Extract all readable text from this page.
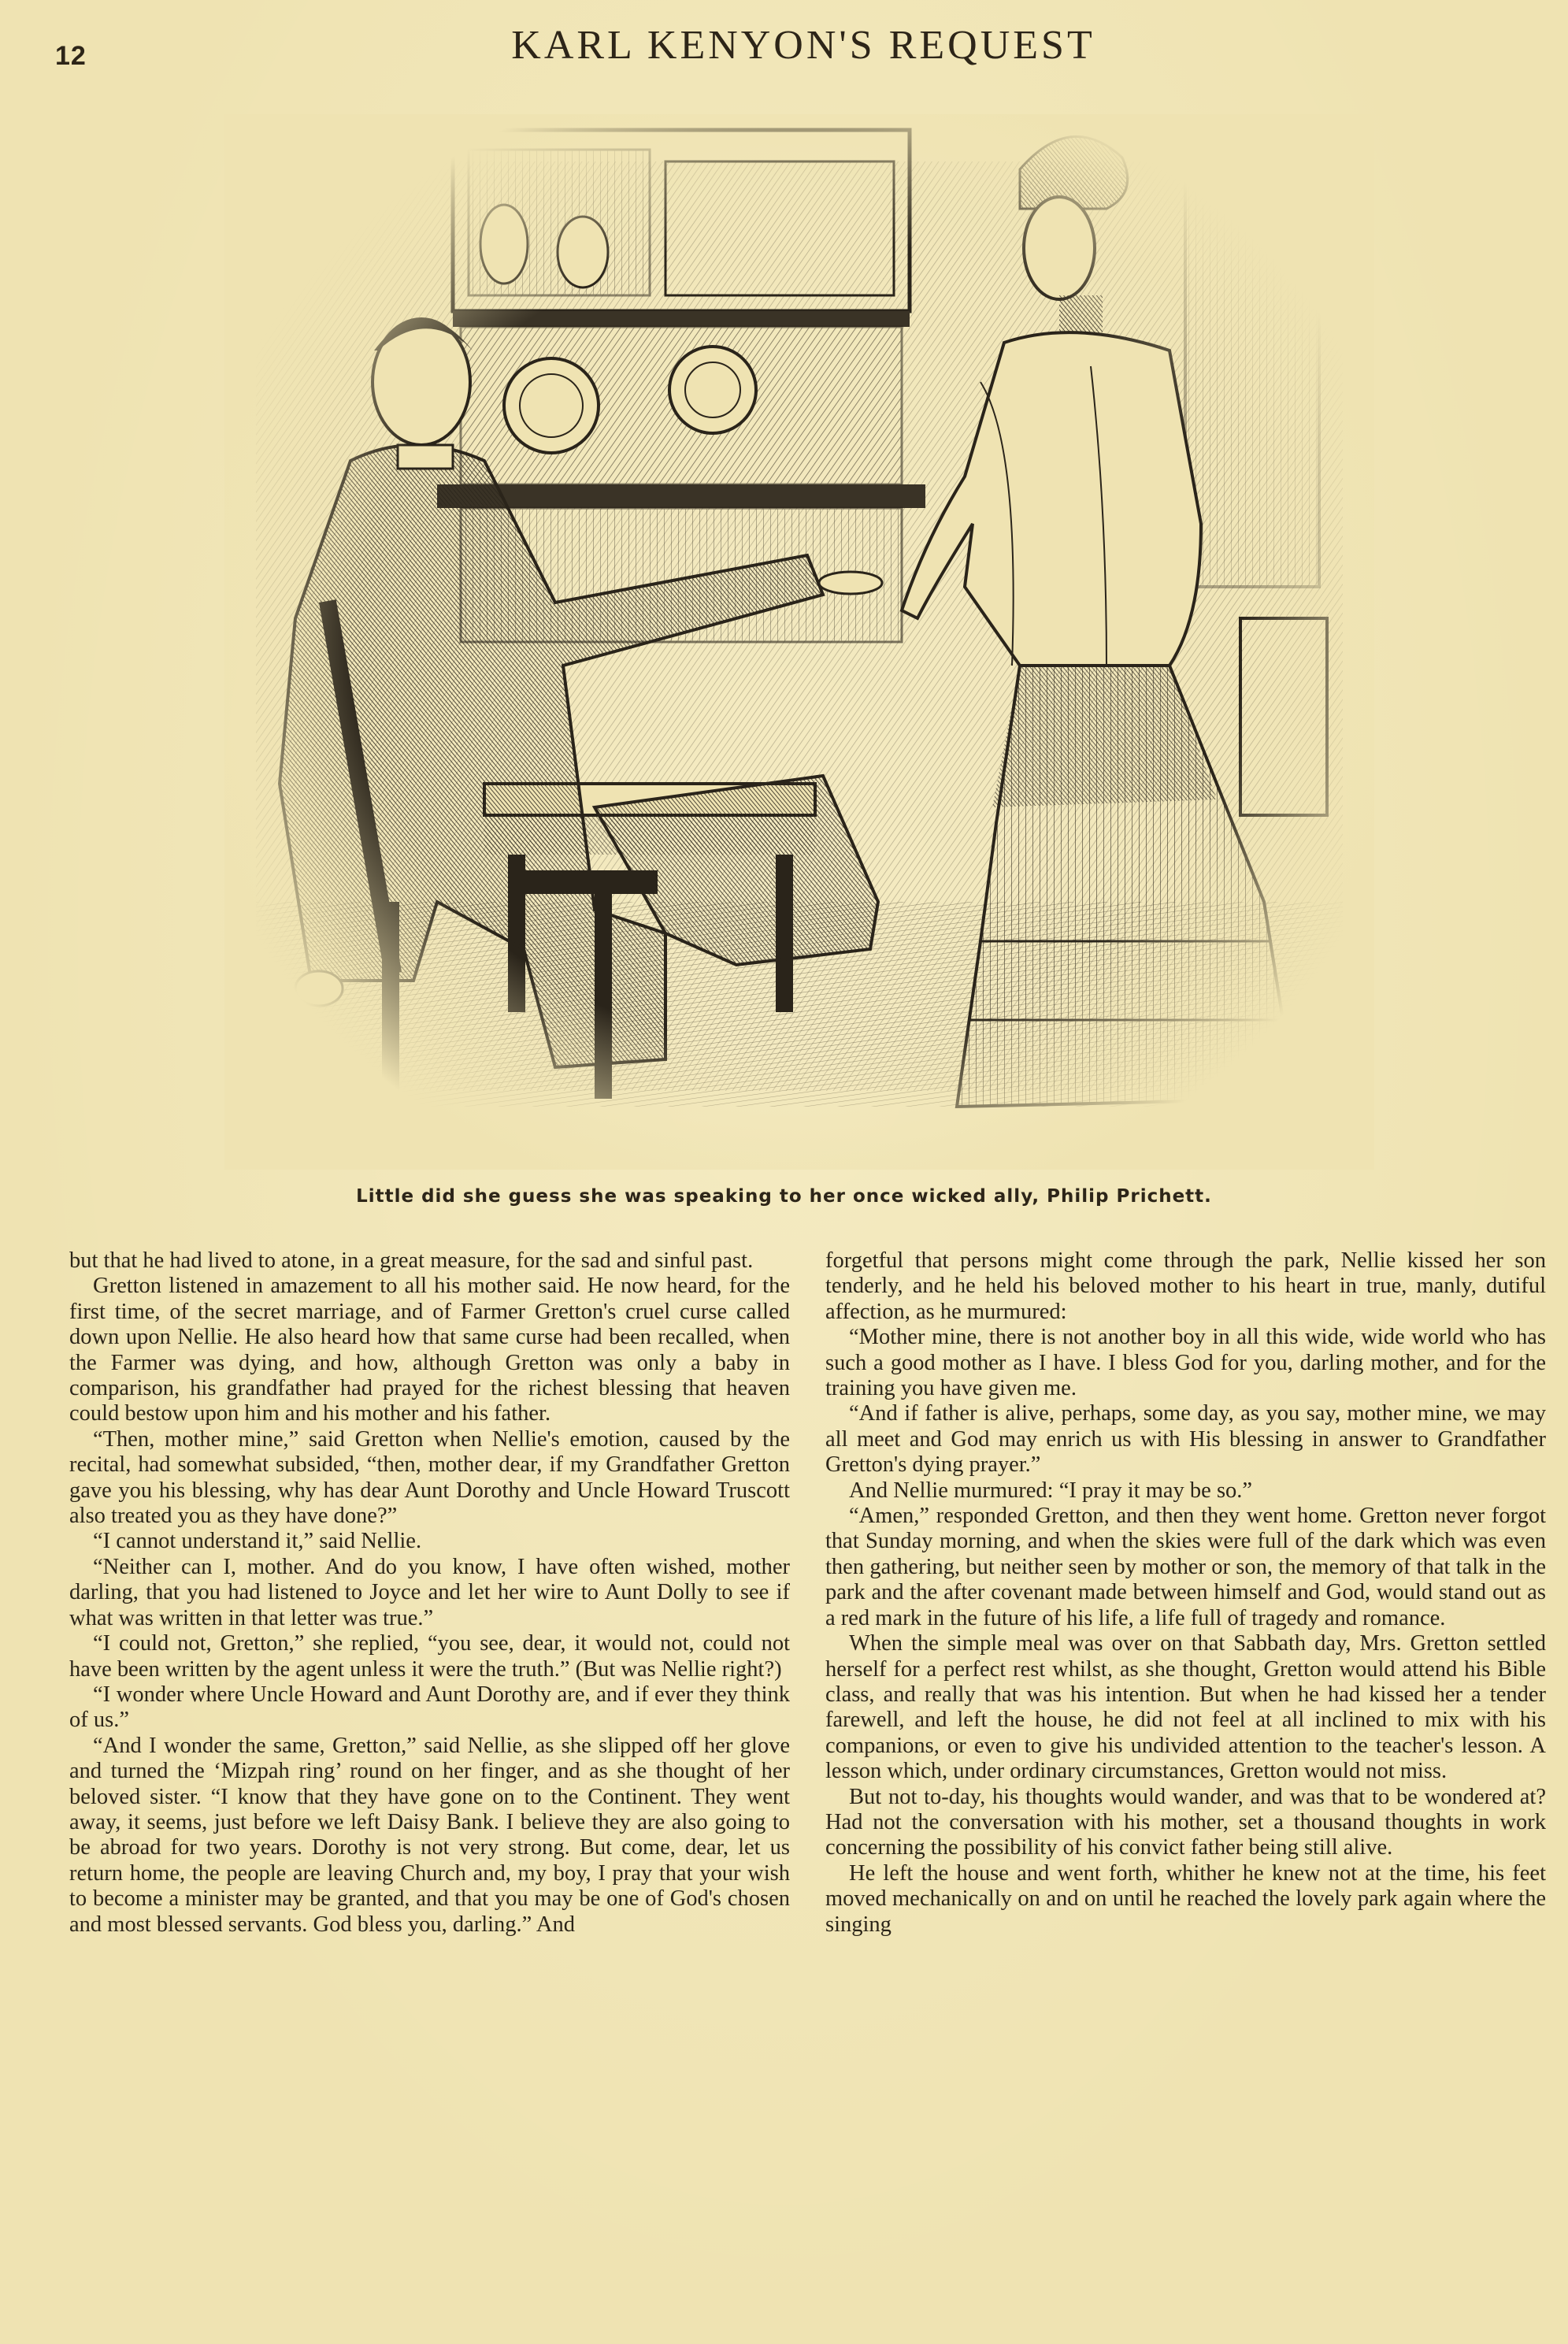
12	KARL KENYON'S REQUEST
Little did she guess she was speaking to her once wicked ally, Philip Prichett.

but that he had lived to atone, in a great measure, for the sad and sinful past.

Gretton listened in amazement to all his mother said. He now heard, for the first time, of the secret marriage, and of Farmer Gretton's cruel curse called down upon Nellie. He also heard how that same curse had been recalled, when the Farmer was dying, and how, although Gretton was only a baby in comparison, his grandfather had prayed for the richest blessing that heaven could bestow upon him and his mother and his father.

“Then, mother mine,” said Gretton when Nellie's emotion, caused by the recital, had somewhat subsided, “then, mother dear, if my Grandfather Gretton gave you his blessing, why has dear Aunt Dorothy and Uncle Howard Truscott also treated you as they have done?”

“I cannot understand it,” said Nellie.

“Neither can I, mother. And do you know, I have often wished, mother darling, that you had listened to Joyce and let her wire to Aunt Dolly to see if what was written in that letter was true.”

“I could not, Gretton,” she replied, “you see, dear, it would not, could not have been written by the agent unless it were the truth.” (But was Nellie right?)

“I wonder where Uncle Howard and Aunt Dorothy are, and if ever they think of us.”

“And I wonder the same, Gretton,” said Nellie, as she slipped off her glove and turned the ‘Mizpah ring’ round on her finger, and as she thought of her beloved sister. “I know that they have gone on to the Continent. They went away, it seems, just before we left Daisy Bank. I believe they are also going to be abroad for two years. Dorothy is not very strong. But come, dear, let us return home, the people are leaving Church and, my boy, I pray that your wish to become a minister may be granted, and that you may be one of God's chosen and most blessed servants. God bless you, darling.” And

forgetful that persons might come through the park, Nellie kissed her son tenderly, and he held his beloved mother to his heart in true, manly, dutiful affection, as he murmured:

“Mother mine, there is not another boy in all this wide, wide world who has such a good mother as I have. I bless God for you, darling mother, and for the training you have given me.

“And if father is alive, perhaps, some day, as you say, mother mine, we may all meet and God may enrich us with His blessing in answer to Grandfather Gretton's dying prayer.”

And Nellie murmured: “I pray it may be so.”

“Amen,” responded Gretton, and then they went home. Gretton never forgot that Sunday morning, and when the skies were full of the dark which was even then gathering, but neither seen by mother or son, the memory of that talk in the park and the after covenant made between himself and God, would stand out as a red mark in the future of his life, a life full of tragedy and romance.

When the simple meal was over on that Sabbath day, Mrs. Gretton settled herself for a perfect rest whilst, as she thought, Gretton would attend his Bible class, and really that was his intention. But when he had kissed her a tender farewell, and left the house, he did not feel at all inclined to mix with his companions, or even to give his undivided attention to the teacher's lesson. A lesson which, under ordinary circumstances, Gretton would not miss.

But not to-day, his thoughts would wander, and was that to be wondered at? Had not the conversation with his mother, set a thousand thoughts in work concerning the possibility of his convict father being still alive.

He left the house and went forth, whither he knew not at the time, his feet moved mechanically on and on until he reached the lovely park again where the singing
